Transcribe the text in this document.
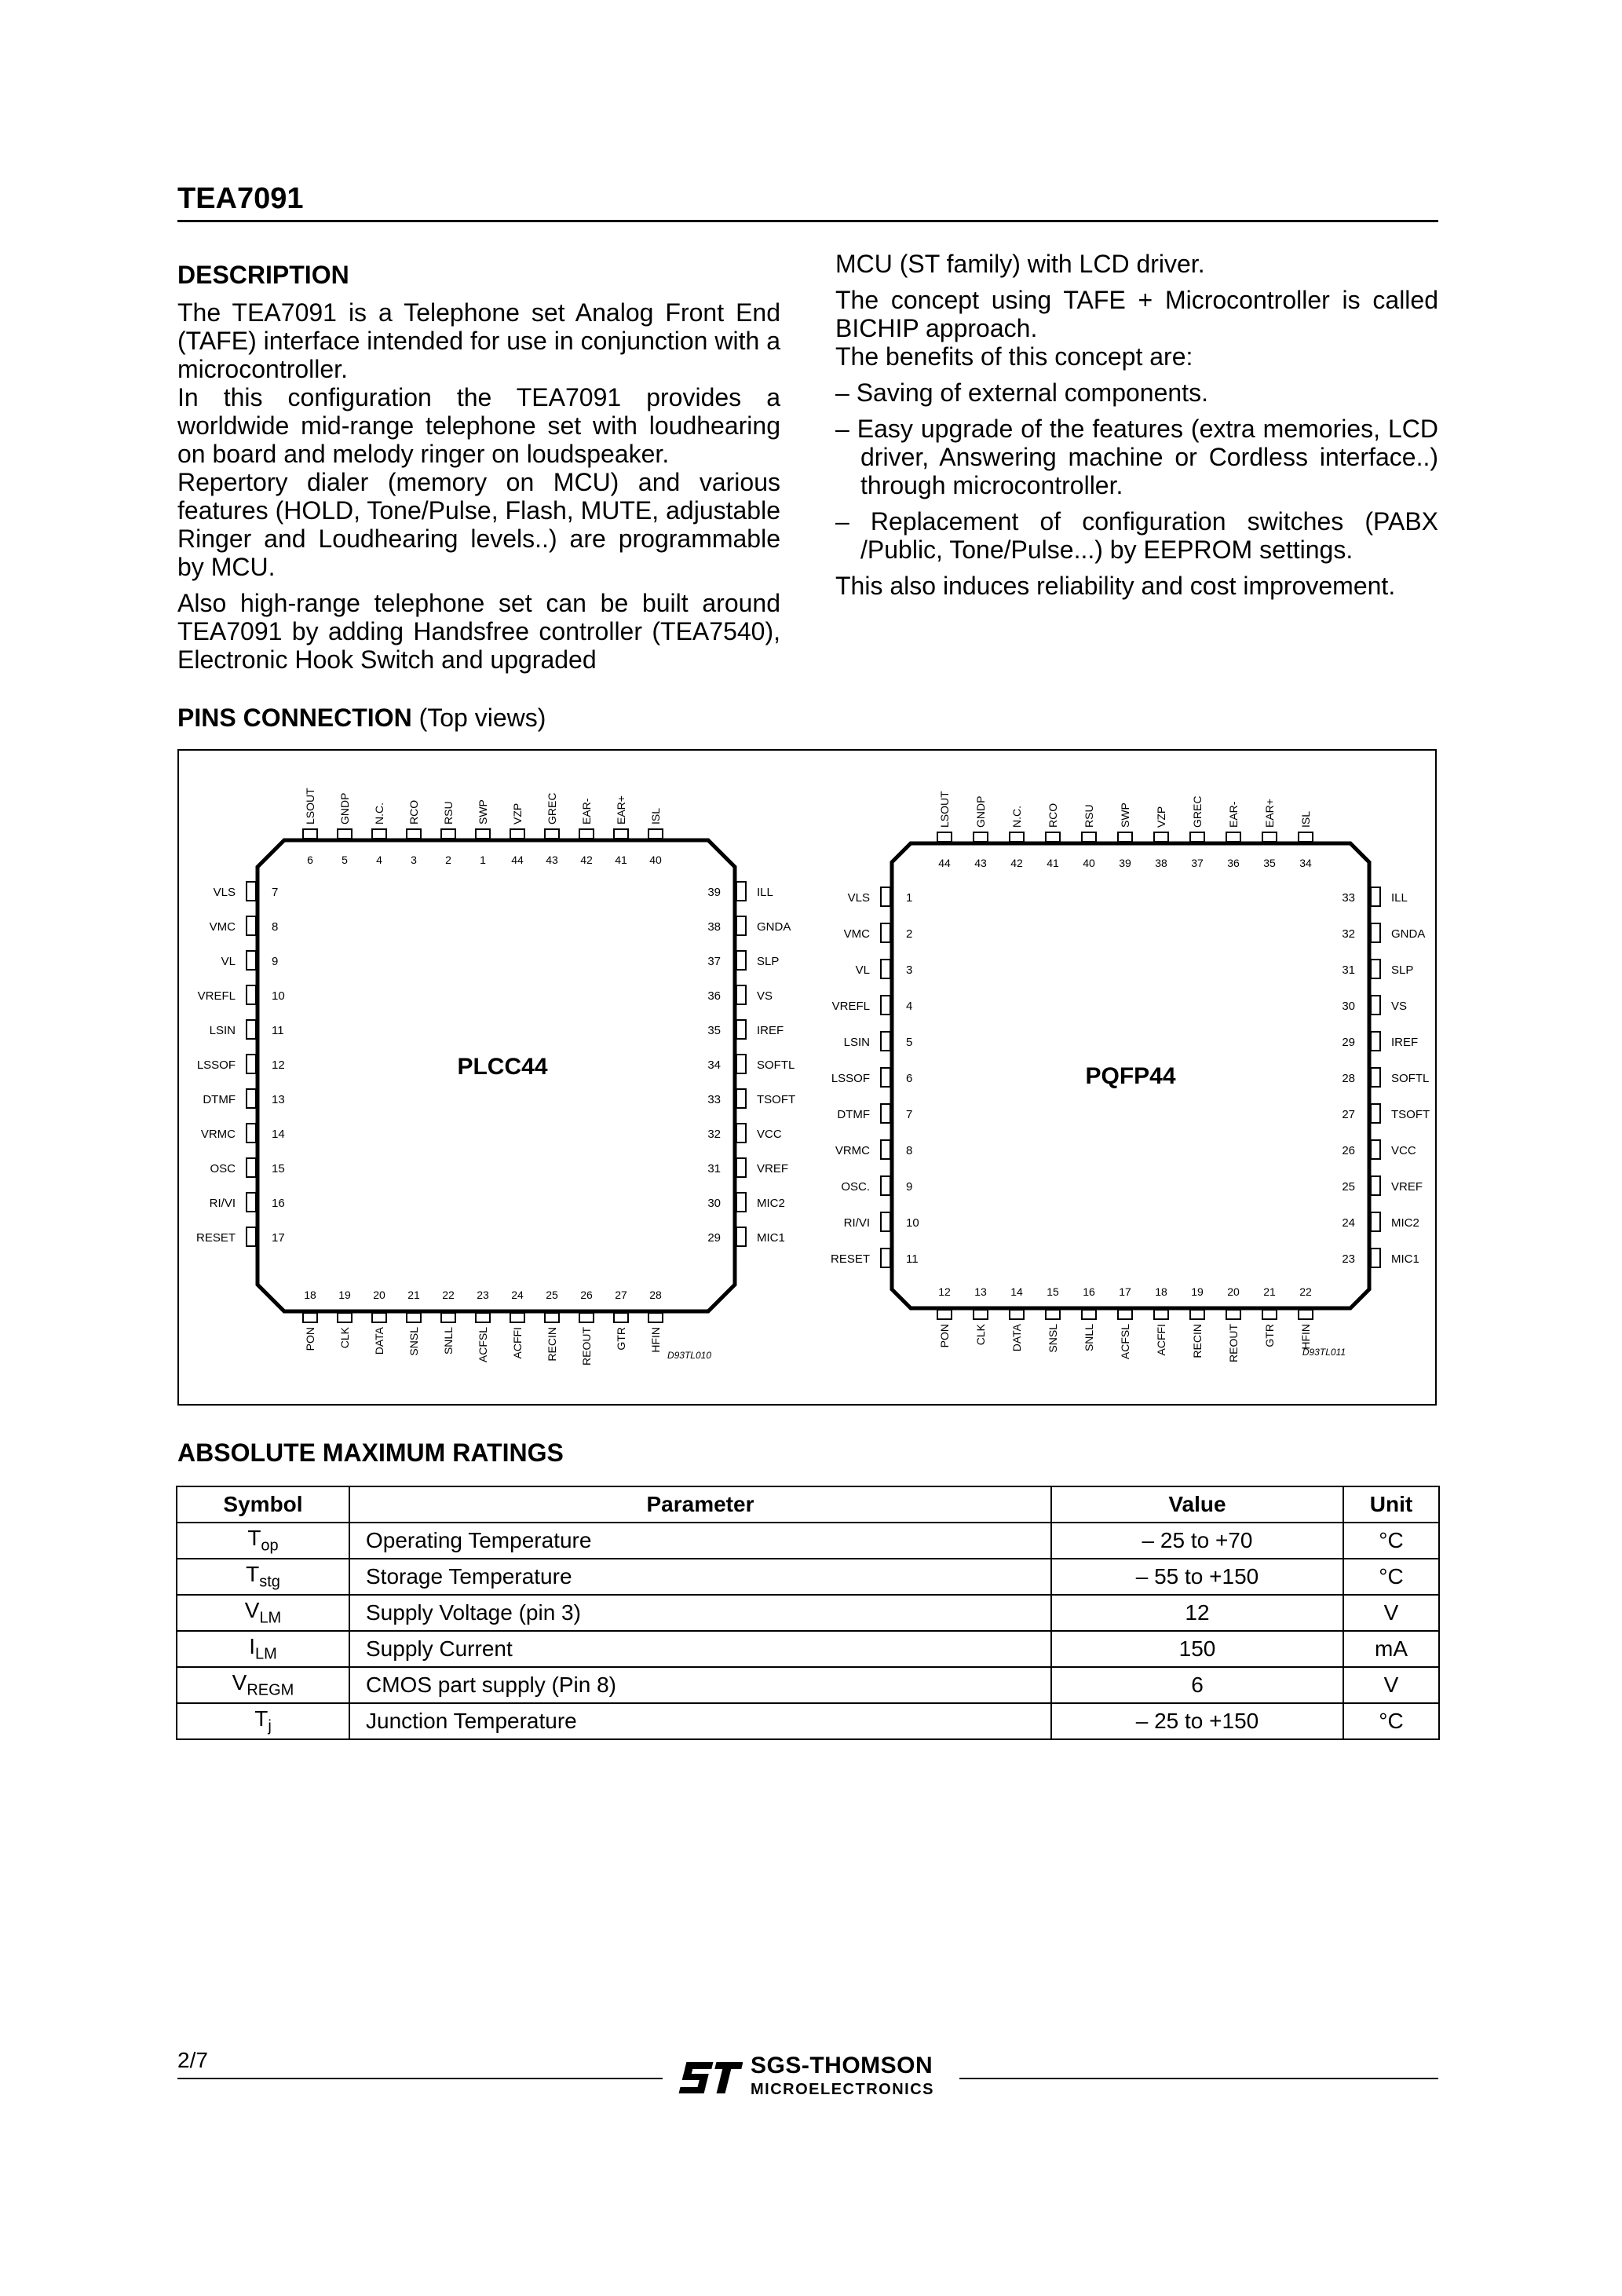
TEA7091
DESCRIPTION

The TEA7091 is a Telephone set Analog Front End (TAFE) interface intended for use in conjunction with a microcontroller.

In this configuration the TEA7091 provides a worldwide mid-range telephone set with loudhearing on board and melody ringer on loudspeaker.

Repertory dialer (memory on MCU) and various features (HOLD, Tone/Pulse, Flash, MUTE, adjustable Ringer and Loudhearing levels..) are programmable by MCU.

Also high-range telephone set can be built around TEA7091 by adding Handsfree controller (TEA7540), Electronic Hook Switch and upgraded

MCU (ST family) with LCD driver.

The concept using TAFE + Microcontroller is called BICHIP approach.

The benefits of this concept are:

– Saving of external components.
– Easy upgrade of the features (extra memories, LCD driver, Answering machine or Cordless interface..) through microcontroller.
– Replacement of configuration switches (PABX /Public, Tone/Pulse...) by EEPROM settings.

This also induces reliability and cost improvement.

PINS CONNECTION (Top views)
PLCC44
D93TL010
6
LSOUT
5
GNDP
4
N.C.
3
RCO
2
RSU
1
SWP
44
VZP
43
GREC
42
EAR-
41
EAR+
40
ISL
18
PON
19
CLK
20
DATA
21
SNSL
22
SNLL
23
ACFSL
24
ACFFI
25
RECIN
26
REOUT
27
GTR
28
HFIN
7
VLS
8
VMC
9
VL
10
VREFL
11
LSIN
12
LSSOF
13
DTMF
14
VRMC
15
OSC
16
RI/VI
17
RESET
39	ILL
38	GNDA
37	SLP
36	VS
35	IREF
34	SOFTL
33	TSOFT
32	VCC
31	VREF
30	MIC2
29	MIC1
PQFP44
D93TL011
44
LSOUT
43
GNDP
42
N.C.
41
RCO
40
RSU
39
SWP
38
VZP
37
GREC
36
EAR-
35
EAR+
34
ISL
12
PON
13
CLK
14
DATA
15
SNSL
16
SNLL
17
ACFSL
18
ACFFI
19
RECIN
20
REOUT
21
GTR
22
HFIN
1
VLS
2
VMC
3
VL
4
VREFL
5
LSIN
6
LSSOF
7
DTMF
8
VRMC
9
OSC.
10
RI/VI
11
RESET
33	ILL
32	GNDA
31	SLP
30	VS
29	IREF
28	SOFTL
27	TSOFT
26	VCC
25	VREF
24	MIC2
23	MIC1
ABSOLUTE MAXIMUM RATINGS
Symbol	Parameter	Value	Unit
$T_{op}$	Operating Temperature	– 25 to +70	°C
$T_{stg}$	Storage Temperature	– 55 to +150	°C
$V_{LM}$	Supply Voltage (pin 3)	12	V
$I_{LM}$	Supply Current	150	mA
$V_{REGM}$	CMOS part supply (Pin 8)	6	V
$T_j$	Junction Temperature	– 25 to +150	°C
2/7	SGS-THOMSON
MICROELECTRONICS
